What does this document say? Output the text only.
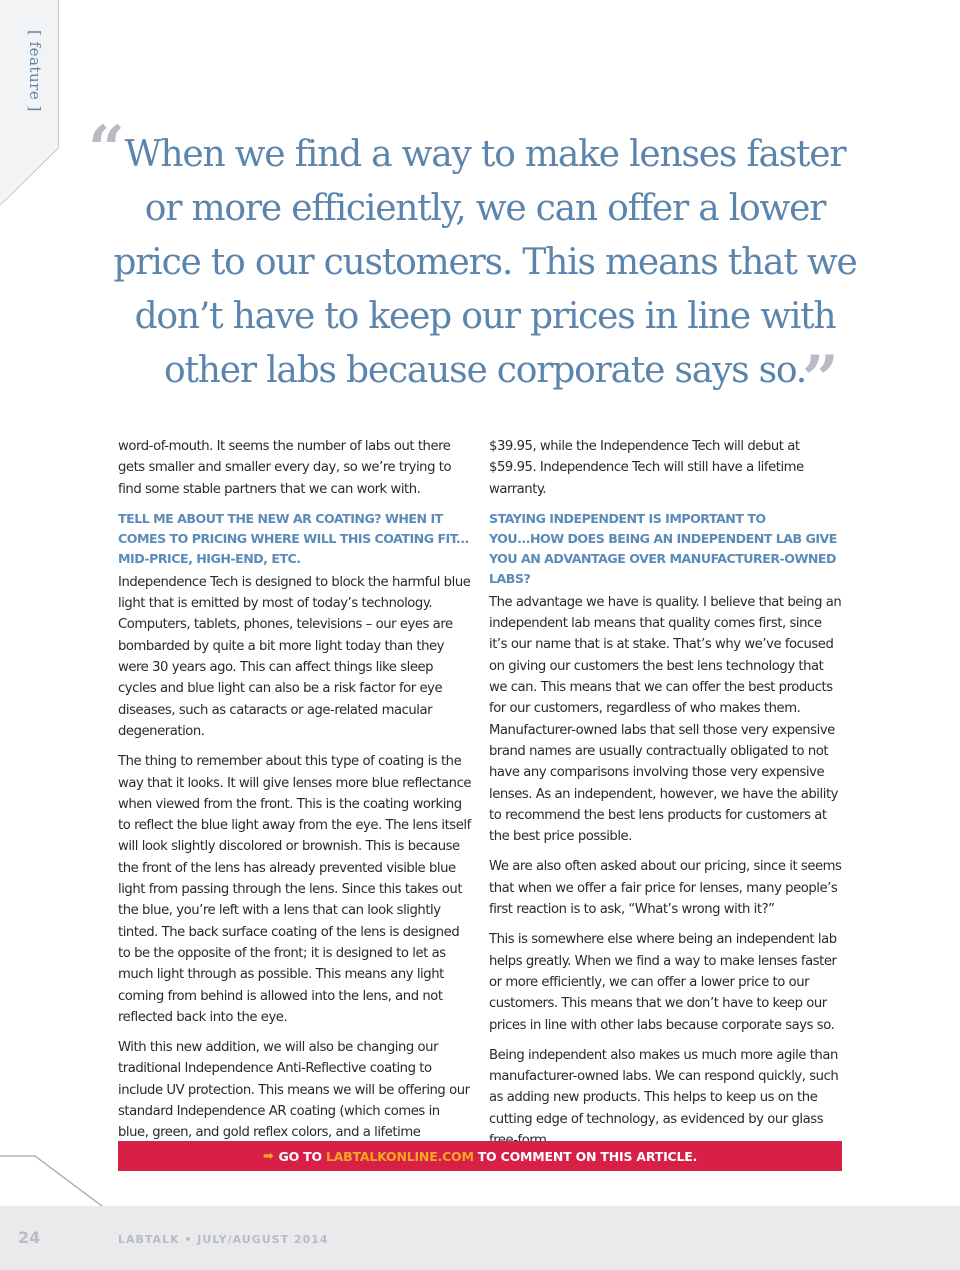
[ feature ]
“ When we find a way to make lenses faster
or more efficiently, we can offer a lower
price to our customers. This means that we
don’t have to keep our prices in line with
other labs because corporate says so.
”

word-of-mouth. It seems the number of labs out there gets smaller and smaller every day, so we’re trying to find some stable partners that we can work with.

TELL ME ABOUT THE NEW AR COATING? WHEN IT COMES TO PRICING WHERE WILL THIS COATING FIT... MID-PRICE, HIGH-END, ETC.

Independence Tech is designed to block the harmful blue light that is emitted by most of today’s technology. Computers, tablets, phones, televisions – our eyes are bombarded by quite a bit more light today than they were 30 years ago. This can affect things like sleep cycles and blue light can also be a risk factor for eye diseases, such as cataracts or age-related macular degeneration.

The thing to remember about this type of coating is the way that it looks. It will give lenses more blue reflectance when viewed from the front. This is the coating working to reflect the blue light away from the eye. The lens itself will look slightly discolored or brownish. This is because the front of the lens has already prevented visible blue light from passing through the lens. Since this takes out the blue, you’re left with a lens that can look slightly tinted. The back surface coating of the lens is designed to be the opposite of the front; it is designed to let as much light through as possible. This means any light coming from behind is allowed into the lens, and not reflected back into the eye.

With this new addition, we will also be changing our traditional Independence Anti-Reflective coating to include UV protection. This means we will be offering our standard Independence AR coating (which comes in blue, green, and gold reflex colors, and a lifetime

$39.95, while the Independence Tech will debut at $59.95. Independence Tech will still have a lifetime warranty.

STAYING INDEPENDENT IS IMPORTANT TO YOU...HOW DOES BEING AN INDEPENDENT LAB GIVE YOU AN ADVANTAGE OVER MANUFACTURER-OWNED LABS?

The advantage we have is quality. I believe that being an independent lab means that quality comes first, since it’s our name that is at stake. That’s why we’ve focused on giving our customers the best lens technology that we can. This means that we can offer the best products for our customers, regardless of who makes them. Manufacturer-owned labs that sell those very expensive brand names are usually contractually obligated to not have any comparisons involving those very expensive lenses. As an independent, however, we have the ability to recommend the best lens products for customers at the best price possible.

We are also often asked about our pricing, since it seems that when we offer a fair price for lenses, many people’s first reaction is to ask, “What’s wrong with it?”

This is somewhere else where being an independent lab helps greatly. When we find a way to make lenses faster or more efficiently, we can offer a lower price to our customers. This means that we don’t have to keep our prices in line with other labs because corporate says so.

Being independent also makes us much more agile than manufacturer-owned labs. We can respond quickly, such as adding new products. This helps to keep us on the cutting edge of technology, as evidenced by our glass

➡ GO TO LABTALKONLINE.COM TO COMMENT ON THIS ARTICLE.
24	LABTALK • JULY/AUGUST 2014
